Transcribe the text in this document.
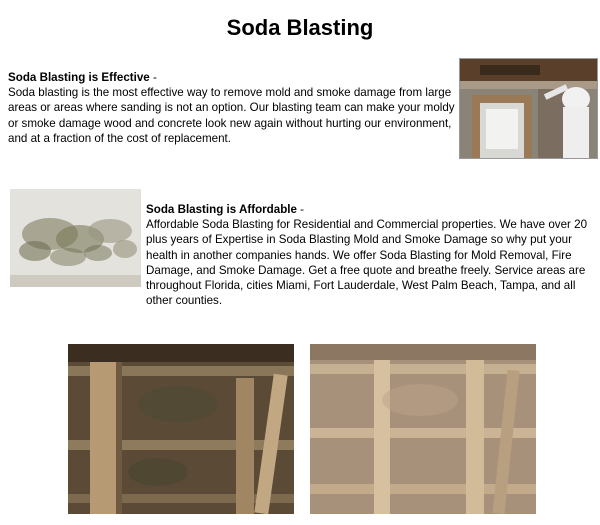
Soda Blasting
Soda Blasting is Effective -
Soda blasting is the most effective way to remove mold and smoke damage from large areas or areas where sanding is not an option. Our blasting team can make your moldy or smoke damage wood and concrete look new again without hurting our environment, and at a fraction of the cost of replacement.
Soda Blasting is Affordable -
Affordable Soda Blasting for Residential and Commercial properties. We have over 20 plus years of Expertise in Soda Blasting Mold and Smoke Damage so why put your health in another companies hands. We offer Soda Blasting for Mold Removal, Fire Damage, and Smoke Damage. Get a free quote and breathe freely. Service areas are throughout Florida, cities Miami, Fort Lauderdale, West Palm Beach, Tampa, and all other counties.
